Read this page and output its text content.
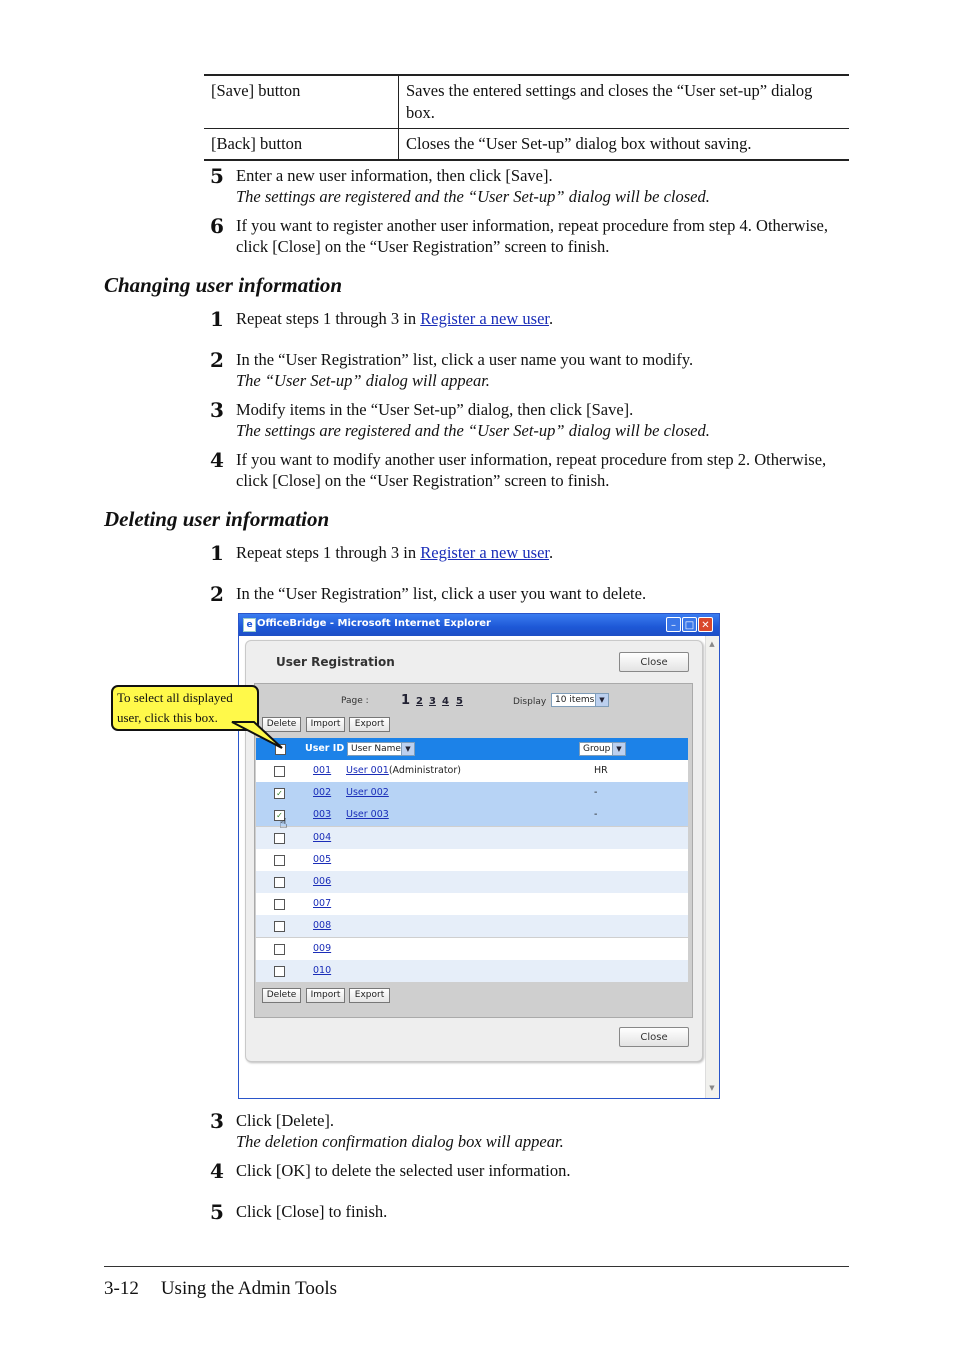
[Save] button	Saves the entered settings and closes the “User set-up” dialog box.
[Back] button	Closes the “User Set-up” dialog box without saving.
5 Enter a new user information, then click [Save].
The settings are registered and the “User Set-up” dialog will be closed.
6 If you want to register another user information, repeat procedure from step 4. Otherwise, click [Close] on the “User Registration” screen to finish.
Changing user information
1 Repeat steps 1 through 3 in Register a new user.
2 In the “User Registration” list, click a user name you want to modify.
The “User Set-up” dialog will appear.
3 Modify items in the “User Set-up” dialog, then click [Save].
The settings are registered and the “User Set-up” dialog will be closed.
4 If you want to modify another user information, repeat procedure from step 2. Otherwise, click [Close] on the “User Registration” screen to finish.
Deleting user information
1 Repeat steps 1 through 3 in Register a new user.
2 In the “User Registration” list, click a user you want to delete.
e OfficeBridge - Microsoft Internet Explorer	– □ ✕
▲
▼
User Registration	Close
Page : 1 2 3 4 5	Display 10 items ▼
Delete	Import	Export
Delete	Import	Export
Close
User ID User Name ▼	Group ▼
001 User 001(Administrator)	HR
✓	002 User 002	-
✓	003 User 003	-
004
005
006
007
008
009
010
☝
To select all displayed user, click this box.
3 Click [Delete].
The deletion confirmation dialog box will appear.
4 Click [OK] to delete the selected user information.
5 Click [Close] to finish.
3-12 Using the Admin Tools
